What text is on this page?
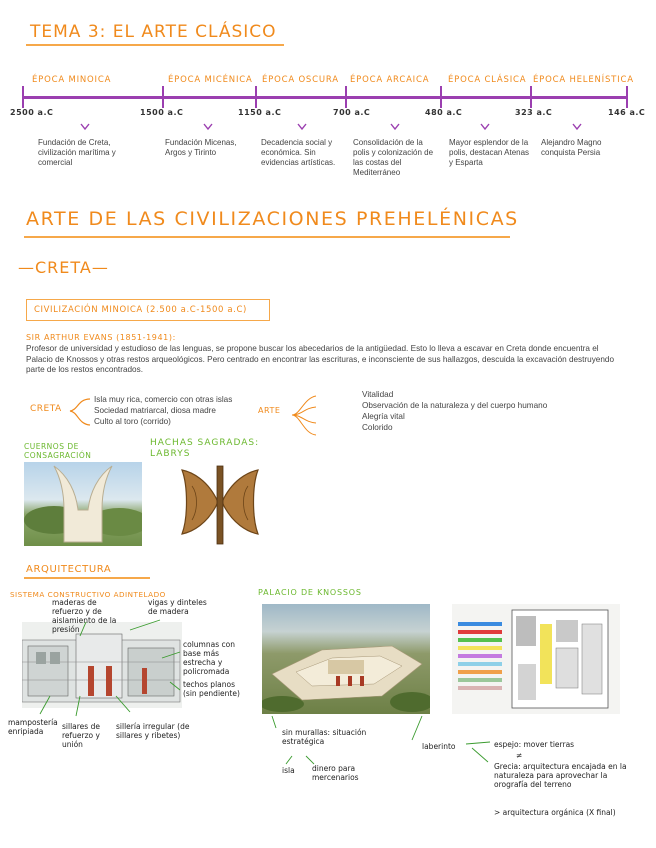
TEMA 3: EL ARTE CLÁSICO
ÉPOCA MINOICA	ÉPOCA MICÉNICA ÉPOCA OSCURA ÉPOCA ARCAICA ÉPOCA CLÁSICA ÉPOCA HELENÍSTICA
2500 a.C	1500 a.C	1150 a.C	700 a.C	480 a.C	323 a.C	146 a.C
Fundación de Creta, civilización marítima y comercial
Fundación Micenas, Argos y Tirinto
Decadencia social y económica. Sin evidencias artísticas.
Consolidación de la polis y colonización de las costas del Mediterráneo
Mayor esplendor de la polis, destacan Atenas y Esparta
Alejandro Magno conquista Persia
ARTE DE LAS CIVILIZACIONES PREHELÉNICAS
—CRETA—
CIVILIZACIÓN MINOICA (2.500 a.C-1500 a.C)
SIR ARTHUR EVANS (1851-1941):
Profesor de universidad y estudioso de las lenguas, se propone buscar los abecedarios de la antigüedad. Esto lo lleva a escavar en Creta donde encuentra el Palacio de Knossos y otras restos arqueológicos. Pero centrado en encontrar las escrituras, e inconsciente de sus hallazgos, descuida la excavación destruyendo parte de los restos encontrados.
CRETA
Isla muy rica, comercio con otras islas
Sociedad matriarcal, diosa madre
Culto al toro (corrido)
ARTE
Vitalidad
Observación de la naturaleza y del cuerpo humano
Alegría vital
Colorido
CUERNOS DE CONSAGRACIÓN
HACHAS SAGRADAS: LABRYS
ARQUITECTURA
SISTEMA CONSTRUCTIVO ADINTELADO
maderas de refuerzo y de aislamiento de la presión
vigas y dinteles de madera
columnas con base más estrecha y policromada
techos planos (sin pendiente)
mampostería enripiada
sillares de refuerzo y unión
sillería irregular (de sillares y ribetes)
PALACIO DE KNOSSOS
sin murallas: situación estratégica
isla dinero para mercenarios
laberinto	espejo: mover tierras
≠
Grecia: arquitectura encajada en la naturaleza para aprovechar la orografía del terreno
> arquitectura orgánica (X final)
